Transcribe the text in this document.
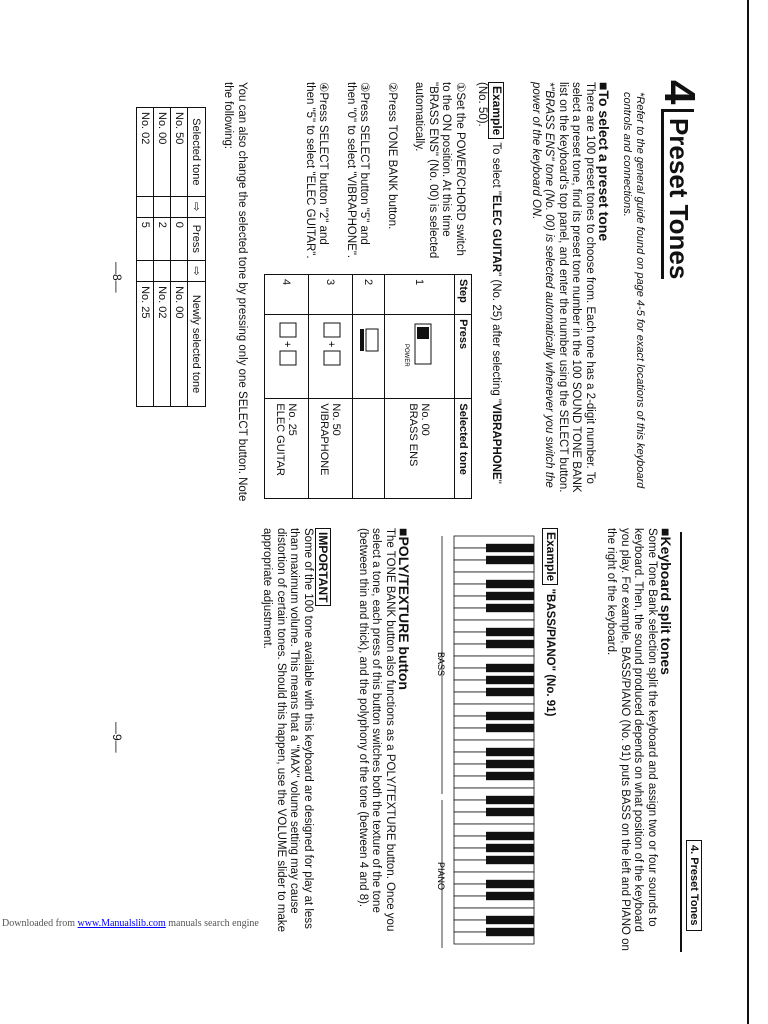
4 Preset Tones
*Refer to the general guide found on page 4-5 for exact locations of this keyboard controls and connections.
■To select a preset tone
There are 100 preset tones to choose from. Each tone has a 2-digit number. To select a preset tone, find its preset tone number in the 100 SOUND TONE BANK list on the keyboard's top panel, and enter the number using the SELECT button.
*"BRASS ENS" tone (No. 00) is selected automatically whenever you switch the power of the keyboard ON.
Example To select "ELEC GUITAR" (No. 25) after selecting "VIBRAPHONE" (No. 50).
①Set the POWER/CHORD switch to the ON position. At this time "BRASS ENS" (No. 00) is selected automatically.
②Press TONE BANK button.
③Press SELECT button "5" and then "0" to select "VIBRAPHONE".
④Press SELECT button "2" and then "5" to select "ELEC GUITAR".
Step	Press	Selected tone
1	POWER	No. 00
BRASS ENS
2		
3	+	No. 50
VIBRAPHONE
4	+	No. 25
ELEC GUITAR
Selected tone	⇨	Press	⇨	Newly selected tone
No. 50		0		No. 00
No. 00		2		No. 02
No. 02		5		No. 25	You can also change the selected tone by pressing only one SELECT button. Note the following:
—8—
4. Preset Tones
■Keyboard split tones
Some Tone Bank selection split the keyboard and assign two or four sounds to keyboard. Then, the sound produced depends on what position of the keyboard you play. For example, BASS/PIANO (No. 91) puts BASS on the left and PIANO on the right of the keyboard.
Example "BASS/PIANO" (No. 91)
BASS
PIANO
■POLY/TEXTURE button
The TONE BANK button also functions as a POLY/TEXTURE button. Once you select a tone, each press of this button switches both the texture of the tone (between thin and thick), and the polyphony of the tone (between 4 and 8).
IMPORTANT
Some of the 100 tone available with this keyboard are designed for play at less than maximum volume. This means that a "MAX" volume setting may cause distortion of certain tones. Should this happen, use the VOLUME slider to make appropriate adjustment.
—9—
Downloaded from www.Manualslib.com manuals search engine
